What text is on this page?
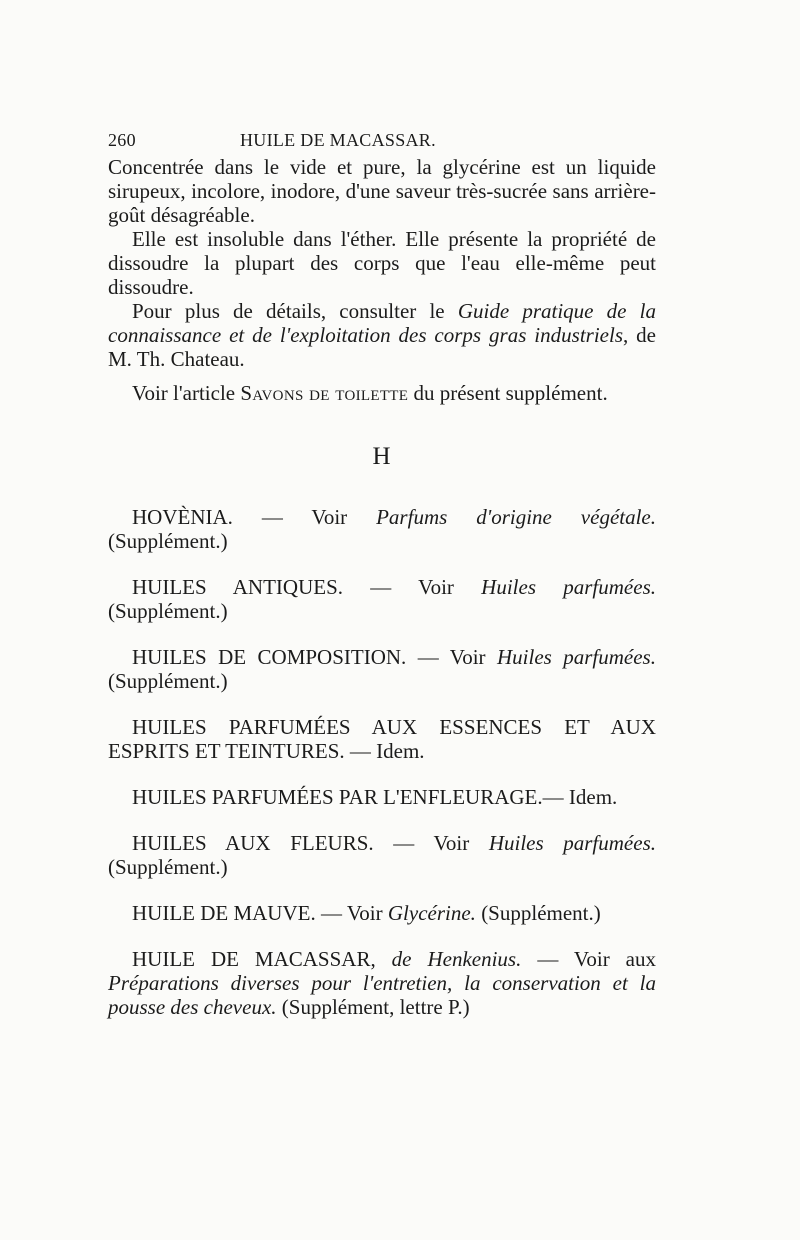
260	HUILE DE MACASSAR.

Concentrée dans le vide et pure, la glycérine est un liquide sirupeux, incolore, inodore, d'une saveur très-sucrée sans arrière-goût désagréable.

Elle est insoluble dans l'éther. Elle présente la propriété de dissoudre la plupart des corps que l'eau elle-même peut dissoudre.

Pour plus de détails, consulter le Guide pratique de la connaissance et de l'exploitation des corps gras industriels, de M. Th. Chateau.

Voir l'article Savons de toilette du présent supplément.

H

HOVÈNIA. — Voir Parfums d'origine végétale. (Supplément.)

HUILES ANTIQUES. — Voir Huiles parfumées. (Supplément.)

HUILES DE COMPOSITION. — Voir Huiles parfumées. (Supplément.)

HUILES PARFUMÉES AUX ESSENCES ET AUX ESPRITS ET TEINTURES. — Idem.

HUILES PARFUMÉES PAR L'ENFLEURAGE.— Idem.

HUILES AUX FLEURS. — Voir Huiles parfumées. (Supplément.)

HUILE DE MAUVE. — Voir Glycérine. (Supplément.)

HUILE DE MACASSAR, de Henkenius. — Voir aux Préparations diverses pour l'entretien, la conservation et la pousse des cheveux. (Supplément, lettre P.)
